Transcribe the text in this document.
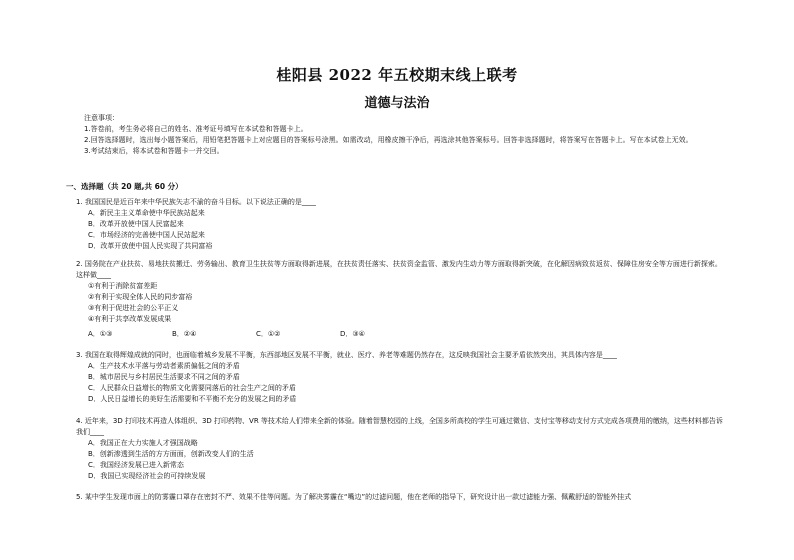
桂阳县 2022 年五校期末线上联考
道德与法治
注意事项：
1.答卷前，考生务必将自己的姓名、准考证号填写在本试卷和答题卡上。
2.回答选择题时，选出每小题答案后，用铅笔把答题卡上对应题目的答案标号涂黑。如需改动，用橡皮擦干净后，再选涂其他答案标号。回答非选择题时，将答案写在答题卡上。写在本试卷上无效。
3.考试结束后，将本试卷和答题卡一并交回。
一、选择题（共 20 题,共 60 分）
1. 我国国民是近百年来中华民族矢志不渝的奋斗目标。以下说法正确的是____
A．新民主主义革命使中华民族站起来
B．改革开放使中国人民富起来
C．市场经济的完善使中国人民站起来
D．改革开放使中国人民实现了共同富裕
2. 国务院在产业扶贫、易地扶贫搬迁、劳务输出、教育卫生扶贫等方面取得新进展，在扶贫责任落实、扶贫资金监管、激发内生动力等方面取得新突破，在化解因病致贫返贫、保障住房安全等方面进行新探索。这样做____
①有利于消除贫富差距
②有利于实现全体人民的同步富裕
③有利于促进社会的公平正义
④有利于共享改革发展成果
A．①③	B．②④	C．①②	D．③④
3. 我国在取得辉煌成就的同时，也面临着城乡发展不平衡，东西部地区发展不平衡，就业、医疗、养老等难题仍然存在，这反映我国社会主要矛盾依然突出，其具体内容是____
A．生产技术水平落与劳动者素质偏低之间的矛盾
B．城市居民与乡村居民生活要求不同之间的矛盾
C．人民群众日益增长的物质文化需要同落后的社会生产之间的矛盾
D．人民日益增长的美好生活需要和不平衡不充分的发展之间的矛盾
4. 近年来，3D 打印技术再造人体组织、3D 打印药物、VR 等技术给人们带来全新的体验。随着智慧校园的上线，全国多所高校的学生可通过微信、支付宝等移动支付方式完成各项费用的缴纳，这些材料都告诉我们____
A．我国正在大力实施人才强国战略
B．创新渗透到生活的方方面面，创新改变人们的生活
C．我国经济发展已进入新常态
D．我国已实现经济社会的可持续发展
5. 某中学生发现市面上的防雾霾口罩存在密封不严、效果不佳等问题。为了解决雾霾在“嘴边”的过滤问题，他在老师的指导下，研究设计出一款过滤能力强、佩戴舒适的智能外挂式
